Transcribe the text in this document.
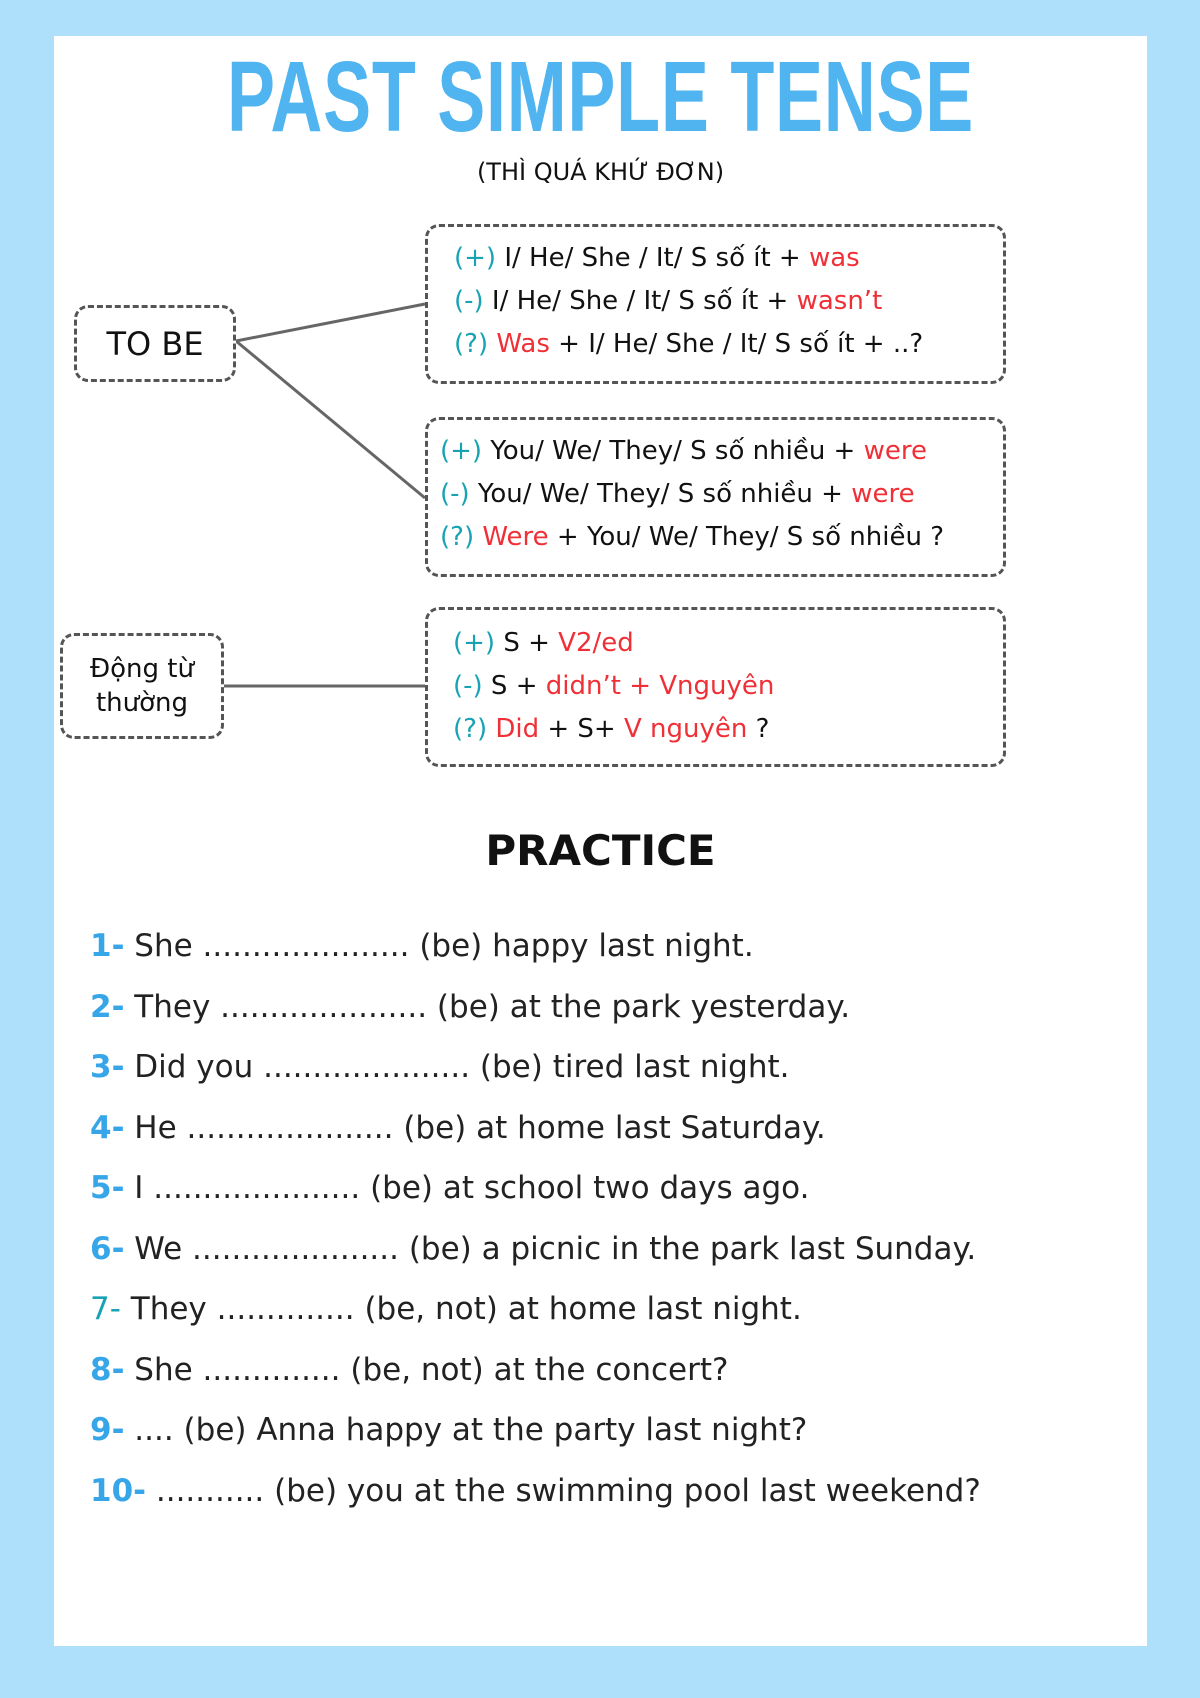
PAST SIMPLE TENSE
(THÌ QUÁ KHỨ ĐƠN)
TO BE
Động từ thường
(+) I/ He/ She / It/ S số ít + was
(-) I/ He/ She / It/ S số ít + wasn’t
(?) Was + I/ He/ She / It/ S số ít + ..?
(+) You/ We/ They/ S số nhiều + were
(-) You/ We/ They/ S số nhiều + were
(?) Were + You/ We/ They/ S số nhiều ?
(+) S + V2/ed
(-) S + didn’t + Vnguyên
(?) Did + S+ V nguyên ?
PRACTICE
1- She ..................... (be) happy last night.
2- They ..................... (be) at the park yesterday.
3- Did you ..................... (be) tired last night.
4- He ..................... (be) at home last Saturday.
5- I ..................... (be) at school two days ago.
6- We ..................... (be) a picnic in the park last Sunday.
7- They .............. (be, not) at home last night.
8- She .............. (be, not) at the concert?
9- .... (be) Anna happy at the party last night?
10- ........... (be) you at the swimming pool last weekend?
